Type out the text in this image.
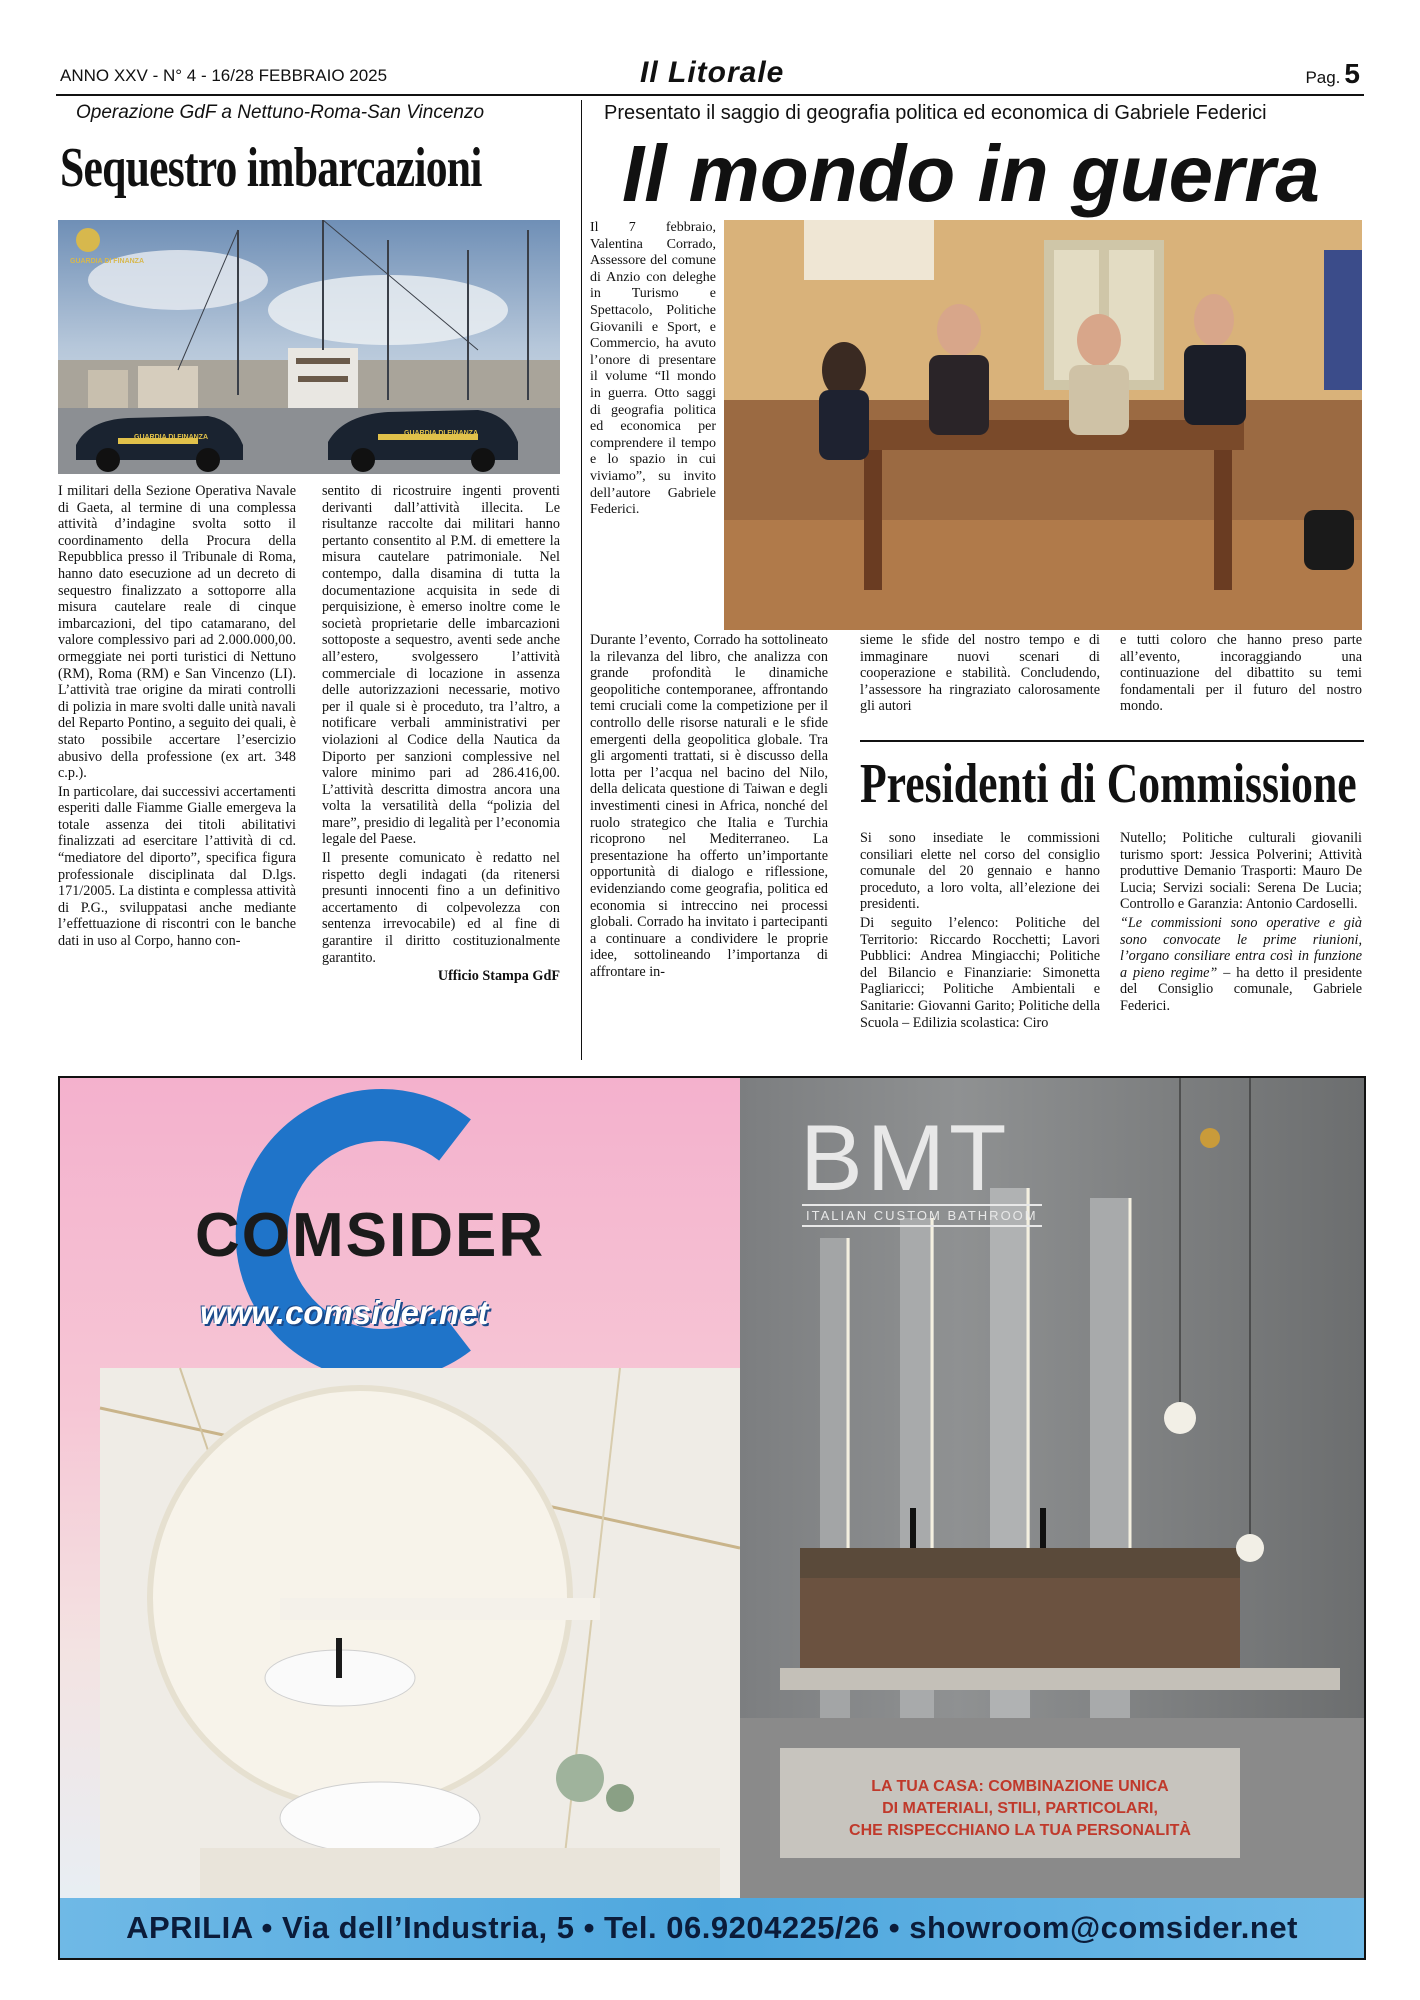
ANNO XXV - N° 4 - 16/28 FEBBRAIO 2025	Il Litorale	Pag. 5
Operazione GdF a Nettuno-Roma-San Vincenzo
Sequestro imbarcazioni
GUARDIA DI FINANZA
GUARDIA DI FINANZA
GUARDIA DI FINANZA

I militari della Sezione Operativa Navale di Gaeta, al termine di una complessa attività d’indagine svolta sotto il coordinamento della Procura della Repubblica presso il Tribunale di Roma, hanno dato esecuzione ad un decreto di sequestro finalizzato a sottoporre alla misura cautelare reale di cinque imbarcazioni, del tipo catamarano, del valore complessivo pari ad 2.000.000,00. ormeggiate nei porti turistici di Nettuno (RM), Roma (RM) e San Vincenzo (LI). L’attività trae origine da mirati controlli di polizia in mare svolti dalle unità navali del Reparto Pontino, a seguito dei quali, è stato possibile accertare l’esercizio abusivo della professione (ex art. 348 c.p.).

In particolare, dai successivi accertamenti esperiti dalle Fiamme Gialle emergeva la totale assenza dei titoli abilitativi finalizzati ad esercitare l’attività di cd. “mediatore del diporto”, specifica figura professionale disciplinata dal D.lgs. 171/2005. La distinta e complessa attività di P.G., sviluppatasi anche mediante l’effettuazione di riscontri con le banche dati in uso al Corpo, hanno con-

sentito di ricostruire ingenti proventi derivanti dall’attività illecita. Le risultanze raccolte dai militari hanno pertanto consentito al P.M. di emettere la misura cautelare patrimoniale. Nel contempo, dalla disamina di tutta la documentazione acquisita in sede di perquisizione, è emerso inoltre come le società proprietarie delle imbarcazioni sottoposte a sequestro, aventi sede anche all’estero, svolgessero l’attività commerciale di locazione in assenza delle autorizzazioni necessarie, motivo per il quale si è proceduto, tra l’altro, a notificare verbali amministrativi per violazioni al Codice della Nautica da Diporto per sanzioni complessive nel valore minimo pari ad 286.416,00. L’attività descritta dimostra ancora una volta la versatilità della “polizia del mare”, presidio di legalità per l’economia legale del Paese.

Il presente comunicato è redatto nel rispetto degli indagati (da ritenersi presunti innocenti fino a un definitivo accertamento di colpevolezza con sentenza irrevocabile) ed al fine di garantire il diritto costituzionalmente garantito.

Ufficio Stampa GdF

Presentato il saggio di geografia politica ed economica di Gabriele Federici
Il mondo in guerra

Il 7 febbraio, Valentina Corrado, Assessore del comune di Anzio con deleghe in Turismo e Spettacolo, Politiche Giovanili e Sport, e Commercio, ha avuto l’onore di presentare il volume “Il mondo in guerra. Otto saggi di geografia politica ed economica per comprendere il tempo e lo spazio in cui viviamo”, su invito dell’autore Gabriele Federici.

Durante l’evento, Corrado ha sottolineato la rilevanza del libro, che analizza con grande profondità le dinamiche geopolitiche contemporanee, affrontando temi cruciali come la competizione per il controllo delle risorse naturali e le sfide emergenti della geopolitica globale. Tra gli argomenti trattati, si è discusso della lotta per l’acqua nel bacino del Nilo, della delicata questione di Taiwan e degli investimenti cinesi in Africa, nonché del ruolo strategico che Italia e Turchia ricoprono nel Mediterraneo. La presentazione ha offerto un’importante opportunità di dialogo e riflessione, evidenziando come geografia, politica ed economia si intreccino nei processi globali. Corrado ha invitato i partecipanti a continuare a condividere le proprie idee, sottolineando l’importanza di affrontare in-

sieme le sfide del nostro tempo e di immaginare nuovi scenari di cooperazione e stabilità. Concludendo, l’assessore ha ringraziato calorosamente gli autori

e tutti coloro che hanno preso parte all’evento, incoraggiando una continuazione del dibattito su temi fondamentali per il futuro del nostro mondo.

Presidenti di Commissione

Si sono insediate le commissioni consiliari elette nel corso del consiglio comunale del 20 gennaio e hanno proceduto, a loro volta, all’elezione dei presidenti.

Di seguito l’elenco: Politiche del Territorio: Riccardo Rocchetti; Lavori Pubblici: Andrea Mingiacchi; Politiche del Bilancio e Finanziarie: Simonetta Pagliaricci; Politiche Ambientali e Sanitarie: Giovanni Garito; Politiche della Scuola – Edilizia scolastica: Ciro

Nutello; Politiche culturali giovanili turismo sport: Jessica Polverini; Attività produttive Demanio Trasporti: Mauro De Lucia; Servizi sociali: Serena De Lucia; Controllo e Garanzia: Antonio Cardoselli.

“Le commissioni sono operative e già sono convocate le prime riunioni, l’organo consiliare entra così in funzione a pieno regime” – ha detto il presidente del Consiglio comunale, Gabriele Federici.

COMSIDER
www.comsider.net
BMT
ITALIAN CUSTOM BATHROOM
LA TUA CASA: COMBINAZIONE UNICA
DI MATERIALI, STILI, PARTICOLARI,
CHE RISPECCHIANO LA TUA PERSONALITÀ
APRILIA • Via dell’Industria, 5 • Tel. 06.9204225/26 • showroom@comsider.net
